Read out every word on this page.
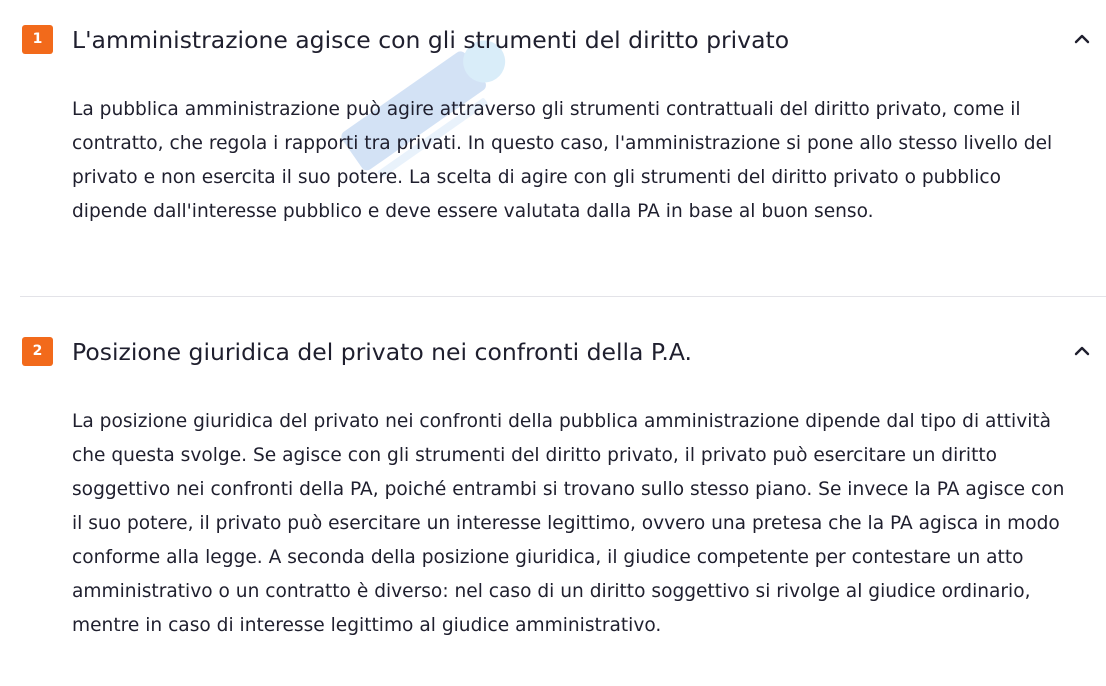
1	L'amministrazione agisce con gli strumenti del diritto privato

La pubblica amministrazione può agire attraverso gli strumenti contrattuali del diritto privato, come il contratto, che regola i rapporti tra privati. In questo caso, l'amministrazione si pone allo stesso livello del privato e non esercita il suo potere. La scelta di agire con gli strumenti del diritto privato o pubblico dipende dall'interesse pubblico e deve essere valutata dalla PA in base al buon senso.

2	Posizione giuridica del privato nei confronti della P.A.

La posizione giuridica del privato nei confronti della pubblica amministrazione dipende dal tipo di attività che questa svolge. Se agisce con gli strumenti del diritto privato, il privato può esercitare un diritto soggettivo nei confronti della PA, poiché entrambi si trovano sullo stesso piano. Se invece la PA agisce con il suo potere, il privato può esercitare un interesse legittimo, ovvero una pretesa che la PA agisca in modo conforme alla legge. A seconda della posizione giuridica, il giudice competente per contestare un atto amministrativo o un contratto è diverso: nel caso di un diritto soggettivo si rivolge al giudice ordinario, mentre in caso di interesse legittimo al giudice amministrativo.
